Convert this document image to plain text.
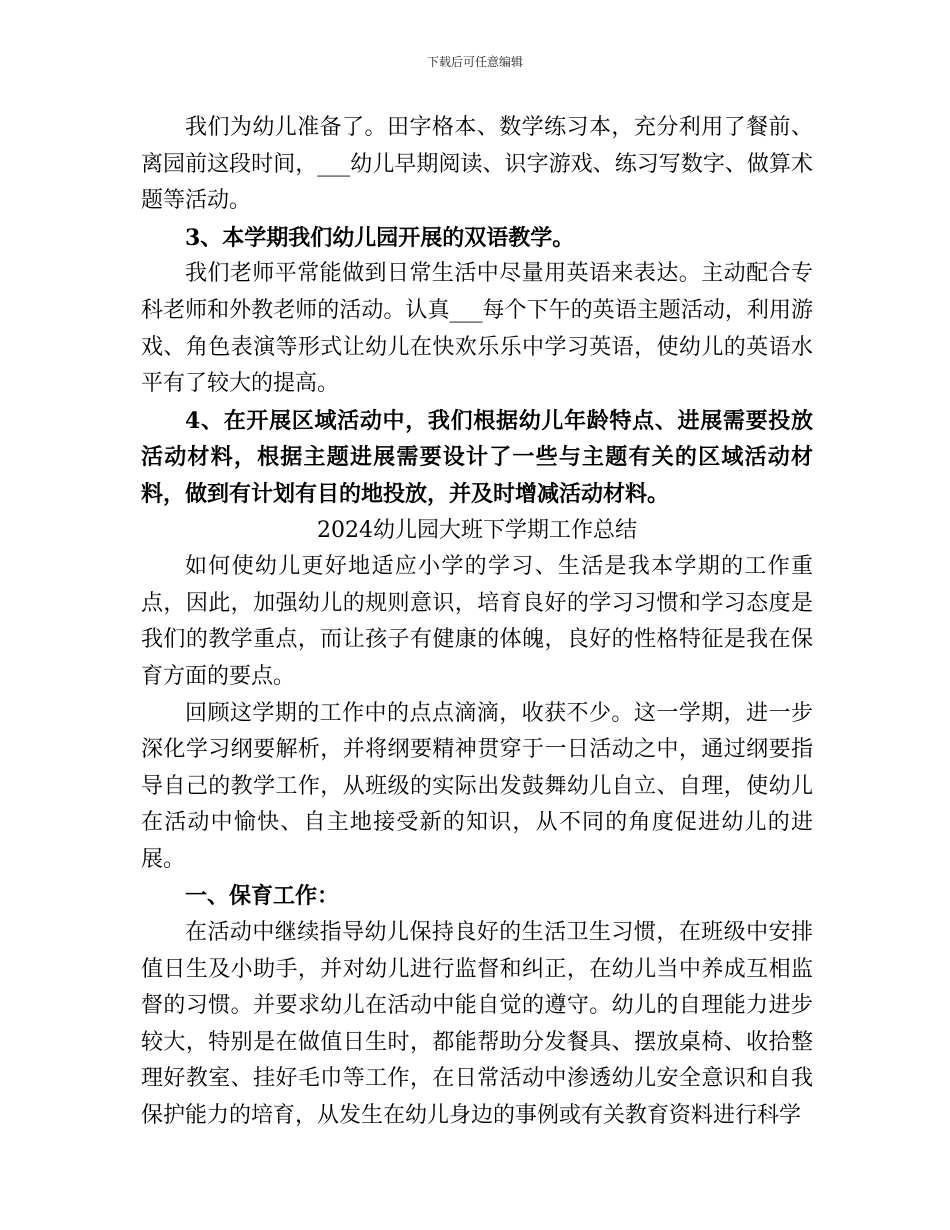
下载后可任意编辑

我们为幼儿准备了。田字格本、数学练习本，充分利用了餐前、离园前这段时间，___幼儿早期阅读、识字游戏、练习写数字、做算术题等活动。

3、本学期我们幼儿园开展的双语教学。

我们老师平常能做到日常生活中尽量用英语来表达。主动配合专科老师和外教老师的活动。认真___每个下午的英语主题活动，利用游戏、角色表演等形式让幼儿在快欢乐乐中学习英语，使幼儿的英语水平有了较大的提高。

4、在开展区域活动中，我们根据幼儿年龄特点、进展需要投放活动材料，根据主题进展需要设计了一些与主题有关的区域活动材料，做到有计划有目的地投放，并及时增减活动材料。

2024幼儿园大班下学期工作总结

如何使幼儿更好地适应小学的学习、生活是我本学期的工作重点，因此，加强幼儿的规则意识，培育良好的学习习惯和学习态度是我们的教学重点，而让孩子有健康的体魄，良好的性格特征是我在保育方面的要点。

回顾这学期的工作中的点点滴滴，收获不少。这一学期，进一步深化学习纲要解析，并将纲要精神贯穿于一日活动之中，通过纲要指导自己的教学工作，从班级的实际出发鼓舞幼儿自立、自理，使幼儿在活动中愉快、自主地接受新的知识，从不同的角度促进幼儿的进展。

一、保育工作：

在活动中继续指导幼儿保持良好的生活卫生习惯，在班级中安排值日生及小助手，并对幼儿进行监督和纠正，在幼儿当中养成互相监督的习惯。并要求幼儿在活动中能自觉的遵守。幼儿的自理能力进步较大，特别是在做值日生时，都能帮助分发餐具、摆放桌椅、收拾整理好教室、挂好毛巾等工作，在日常活动中渗透幼儿安全意识和自我保护能力的培育，从发生在幼儿身边的事例或有关教育资料进行科学
